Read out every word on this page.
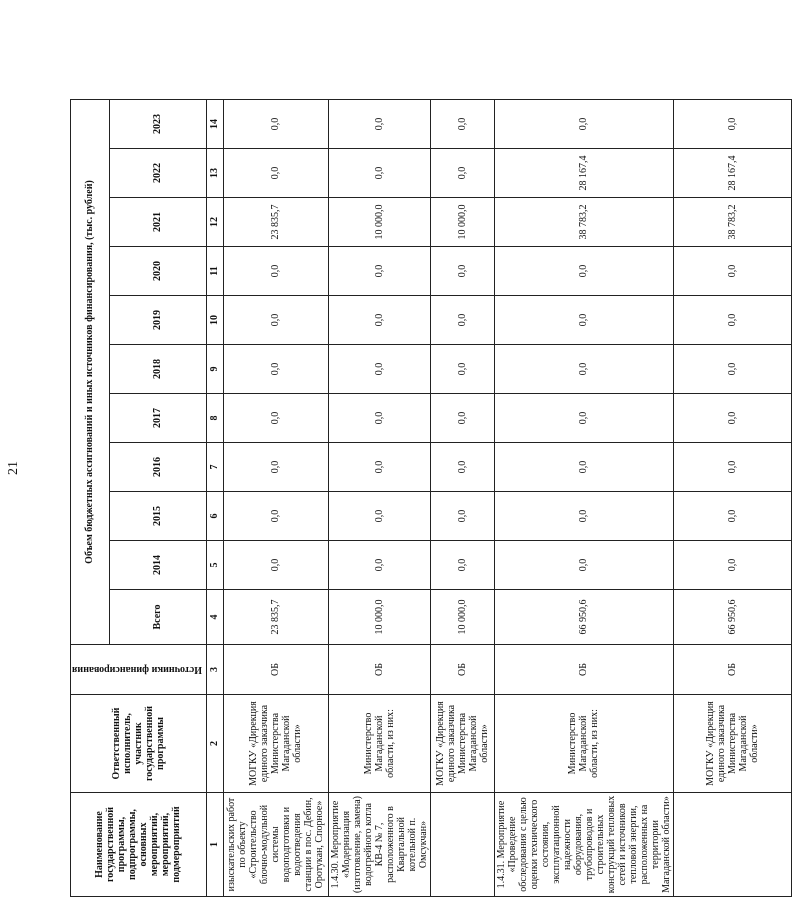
21
Наименование государственной программы, подпрограммы, основных мероприятий, мероприятий, подмероприятий	Ответственный исполнитель, участник государственной программы	Источники финансирования	Объем бюджетных ассигнований и иных источников финансирования, (тыс. рублей)										
			Всего	2014	2015	2016	2017	2018	2019	2020	2021	2022	2023
1	2	3	4	5	6	7	8	9	10	11	12	13	14
изыскательских работ по объекту «Строительство блочно-модульной системы водоподготовки и водоотведения станции в пос. Дебин, Оротукан, Спорное»	МОГКУ «Дирекция единого заказчика Министерства Магаданской области»	ОБ	23 835,7	0,0	0,0	0,0	0,0	0,0	0,0	0,0	23 835,7	0,0	0,0
1.4.30. Мероприятие «Модернизация (изготовление, замена) водогрейного котла КВ-4 № 7, расположенного в Квартальной котельной п. Омсукчан»	Министерство Магаданской области, из них:	ОБ	10 000,0	0,0	0,0	0,0	0,0	0,0	0,0	0,0	10 000,0	0,0	0,0
	МОГКУ «Дирекция единого заказчика Министерства Магаданской области»	ОБ	10 000,0	0,0	0,0	0,0	0,0	0,0	0,0	0,0	10 000,0	0,0	0,0
1.4.31. Мероприятие «Проведение обследования с целью оценки технического состояния, эксплуатационной надежности оборудования, трубопроводов и строительных конструкций тепловых сетей и источников тепловой энергии, расположенных на территории Магаданской области»	Министерство Магаданской области, из них:	ОБ	66 950,6	0,0	0,0	0,0	0,0	0,0	0,0	0,0	38 783,2	28 167,4	0,0
	МОГКУ «Дирекция единого заказчика Министерства Магаданской области»	ОБ	66 950,6	0,0	0,0	0,0	0,0	0,0	0,0	0,0	38 783,2	28 167,4	0,0
